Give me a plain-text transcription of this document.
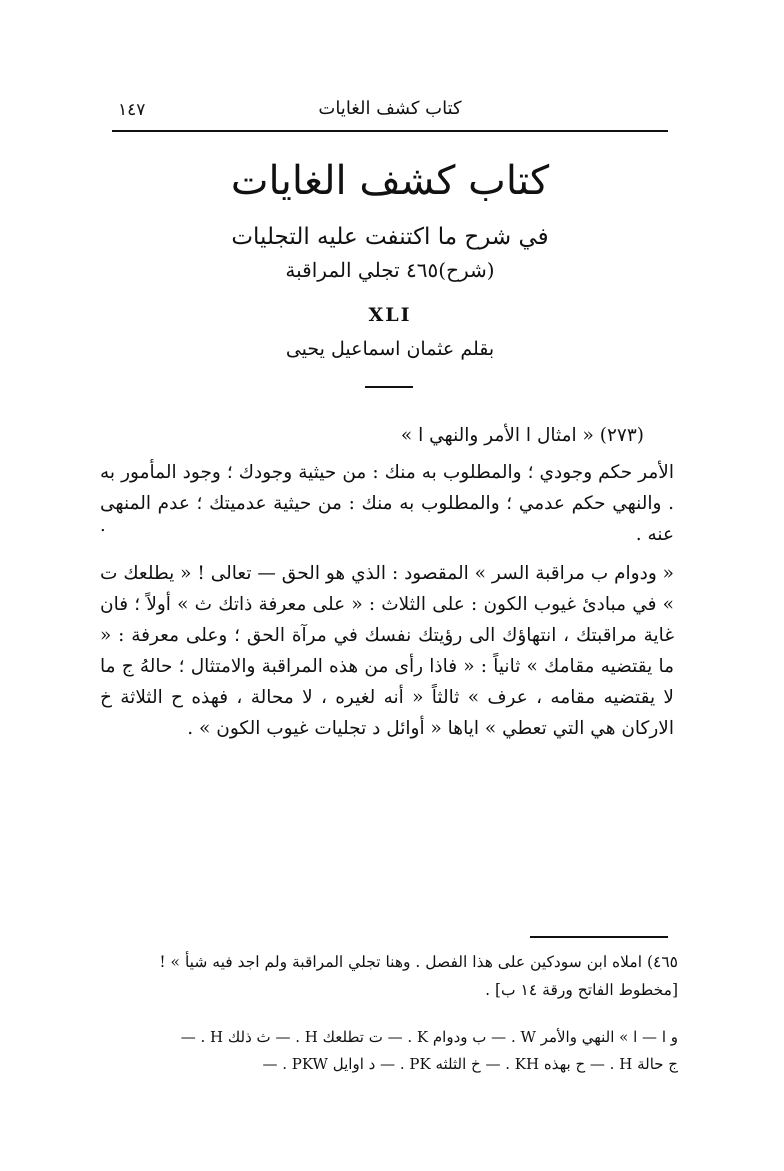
١٤٧	كتاب كشف الغايات
كتاب كشف الغايات
في شرح ما اكتنفت عليه التجليات
(شرح)٤٦٥ تجلي المراقبة
XLI
بقلم عثمان اسماعيل يحيى

(٢٧٣) « امثال ا الأمر والنهي ا »

الأمر حكم وجودي ؛ والمطلوب به منك : من حيثية وجودك ؛ وجود المأمور به . والنهي حكم عدمي ؛ والمطلوب به منك : من حيثية عدميتك ؛ عدم المنهى عنه .

« ودوام ب مراقبة السر » المقصود : الذي هو الحق — تعالى ! « يطلعك ت » في مبادئ غيوب الكون : على الثلاث : « على معرفة ذاتك ث » أولاً ؛ فان غاية مراقبتك ، انتهاؤك الى رؤيتك نفسك في مرآة الحق ؛ وعلى معرفة : « ما يقتضيه مقامك » ثانياً : « فاذا رأى من هذه المراقبة والامتثال ؛ حالهُ ج ما لا يقتضيه مقامه ، عرف » ثالثاً « أنه لغيره ، لا محالة ، فهذه ح الثلاثة خ الاركان هي التي تعطي » اياها « أوائل د تجليات غيوب الكون » .

.
٤٦٥) املاه ابن سودكين على هذا الفصل . وهنا تجلي المراقبة ولم اجد فيه شيأ » !
[مخطوط الفاتح ورقة ١٤ ب] .
و ا — ا » النهي والأمر W . — ب ودوام K . — ت تطلعك H . — ث ذلك H . —
ج حالة H . — ح بهذه KH . — خ الثلثه PK . — د اوايل PKW . —
